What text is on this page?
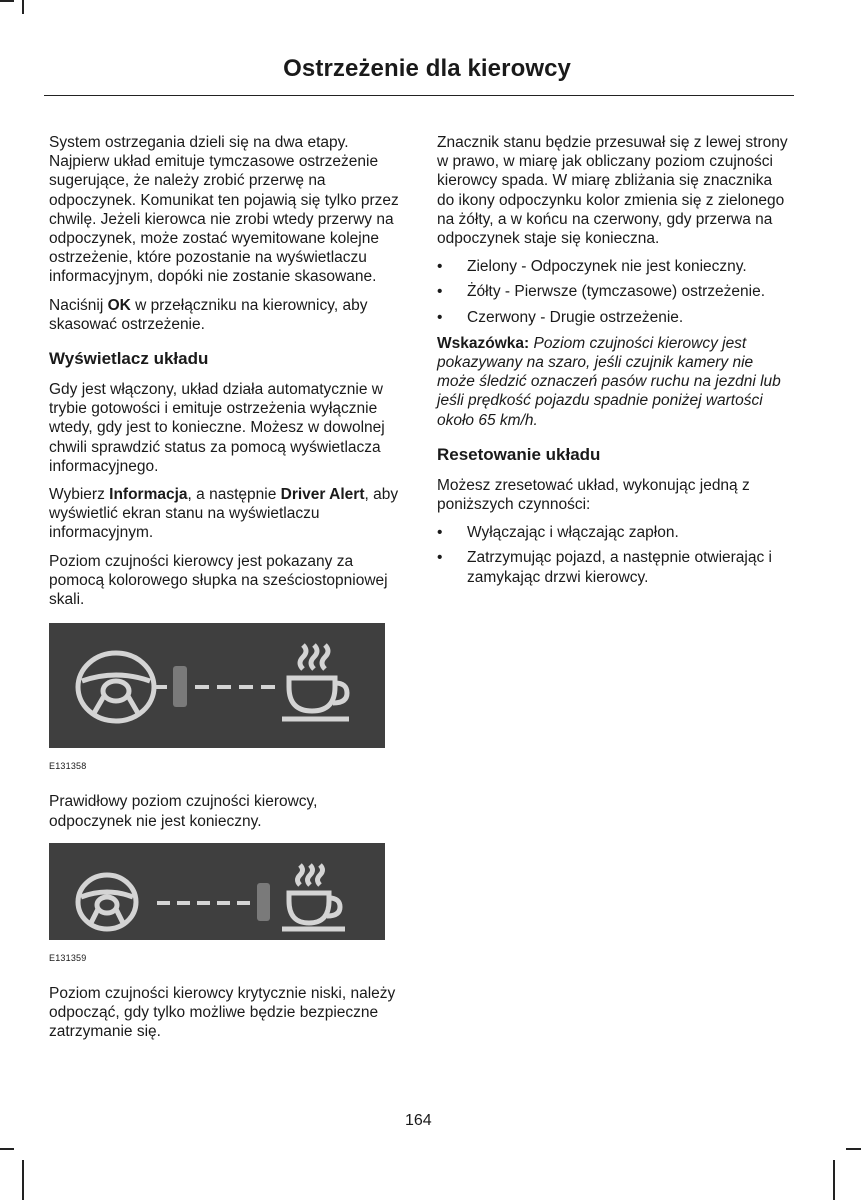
Ostrzeżenie dla kierowcy

System ostrzegania dzieli się na dwa etapy. Najpierw układ emituje tymczasowe ostrzeżenie sugerujące, że należy zrobić przerwę na odpoczynek. Komunikat ten pojawią się tylko przez chwilę. Jeżeli kierowca nie zrobi wtedy przerwy na odpoczynek, może zostać wyemitowane kolejne ostrzeżenie, które pozostanie na wyświetlaczu informacyjnym, dopóki nie zostanie skasowane.

Naciśnij OK w przełączniku na kierownicy, aby skasować ostrzeżenie.

Wyświetlacz układu

Gdy jest włączony, układ działa automatycznie w trybie gotowości i emituje ostrzeżenia wyłącznie wtedy, gdy jest to konieczne. Możesz w dowolnej chwili sprawdzić status za pomocą wyświetlacza informacyjnego.

Wybierz Informacja, a następnie Driver Alert, aby wyświetlić ekran stanu na wyświetlaczu informacyjnym.

Poziom czujności kierowcy jest pokazany za pomocą kolorowego słupka na sześciostopniowej skali.

E131358

Prawidłowy poziom czujności kierowcy, odpoczynek nie jest konieczny.

E131359

Poziom czujności kierowcy krytycznie niski, należy odpocząć, gdy tylko możliwe będzie bezpieczne zatrzymanie się.

Znacznik stanu będzie przesuwał się z lewej strony w prawo, w miarę jak obliczany poziom czujności kierowcy spada. W miarę zbliżania się znacznika do ikony odpoczynku kolor zmienia się z zielonego na żółty, a w końcu na czerwony, gdy przerwa na odpoczynek staje się konieczna.

• Zielony - Odpoczynek nie jest konieczny.
• Żółty - Pierwsze (tymczasowe) ostrzeżenie.
• Czerwony - Drugie ostrzeżenie.

Wskazówka: Poziom czujności kierowcy jest pokazywany na szaro, jeśli czujnik kamery nie może śledzić oznaczeń pasów ruchu na jezdni lub jeśli prędkość pojazdu spadnie poniżej wartości około 65 km/h.

Resetowanie układu

Możesz zresetować układ, wykonując jedną z poniższych czynności:

• Wyłączając i włączając zapłon.
• Zatrzymując pojazd, a następnie otwierając i zamykając drzwi kierowcy.
164
